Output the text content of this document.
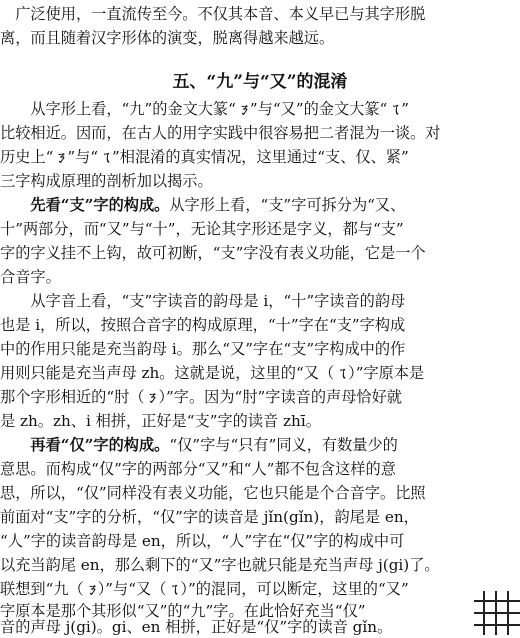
　广泛使用，一直流传至今。不仅其本音、本义早已与其字形脱
离，而且随着汉字形体的演变，脱离得越来越远。
五、“九”与“又”的混淆
　　从字形上看，“九”的金文大篆“ㄋ”与“又”的金文大篆“ㄟ”
比较相近。因而，在古人的用字实践中很容易把二者混为一谈。对
历史上“ㄋ”与“ㄟ”相混淆的真实情况，这里通过“支、仅、紧”
三字构成原理的剖析加以揭示。
　　先看“支”字的构成。从字形上看，“支”字可拆分为“又、
十”两部分，而“又”与“十”，无论其字形还是字义，都与“支”
字的字义挂不上钩，故可初断，“支”字没有表义功能，它是一个
合音字。
　　从字音上看，“支”字读音的韵母是 i，“十”字读音的韵母
也是 i，所以，按照合音字的构成原理，“十”字在“支”字构成
中的作用只能是充当韵母 i。那么“又”字在“支”字构成中的作
用则只能是充当声母 zh。这就是说，这里的“又（ㄟ）”字原本是
那个字形相近的“肘（ㄋ）”字。因为“肘”字读音的声母恰好就
是 zh。zh、i 相拼，正好是“支”字的读音 zhī。
　　再看“仅”字的构成。“仅”字与“只有”同义，有数量少的
意思。而构成“仅”字的两部分“又”和“人”都不包含这样的意
思，所以，“仅”同样没有表义功能，它也只能是个合音字。比照
前面对“支”字的分析，“仅”字的读音是 jǐn(gǐn)，韵尾是 en，
“人”字的读音韵母是 en，所以，“人”字在“仅”字的构成中可
以充当韵尾 en，那么剩下的“又”字也就只能是充当声母 j(gi)了。
联想到“九（ㄋ）”与“又（ㄟ）”的混同，可以断定，这里的“又”
字原本是那个其形似“又”的“九”字。在此恰好充当“仅”
音的声母 j(gi)。gi、en 相拼，正好是“仅”字的读音 gǐn。
